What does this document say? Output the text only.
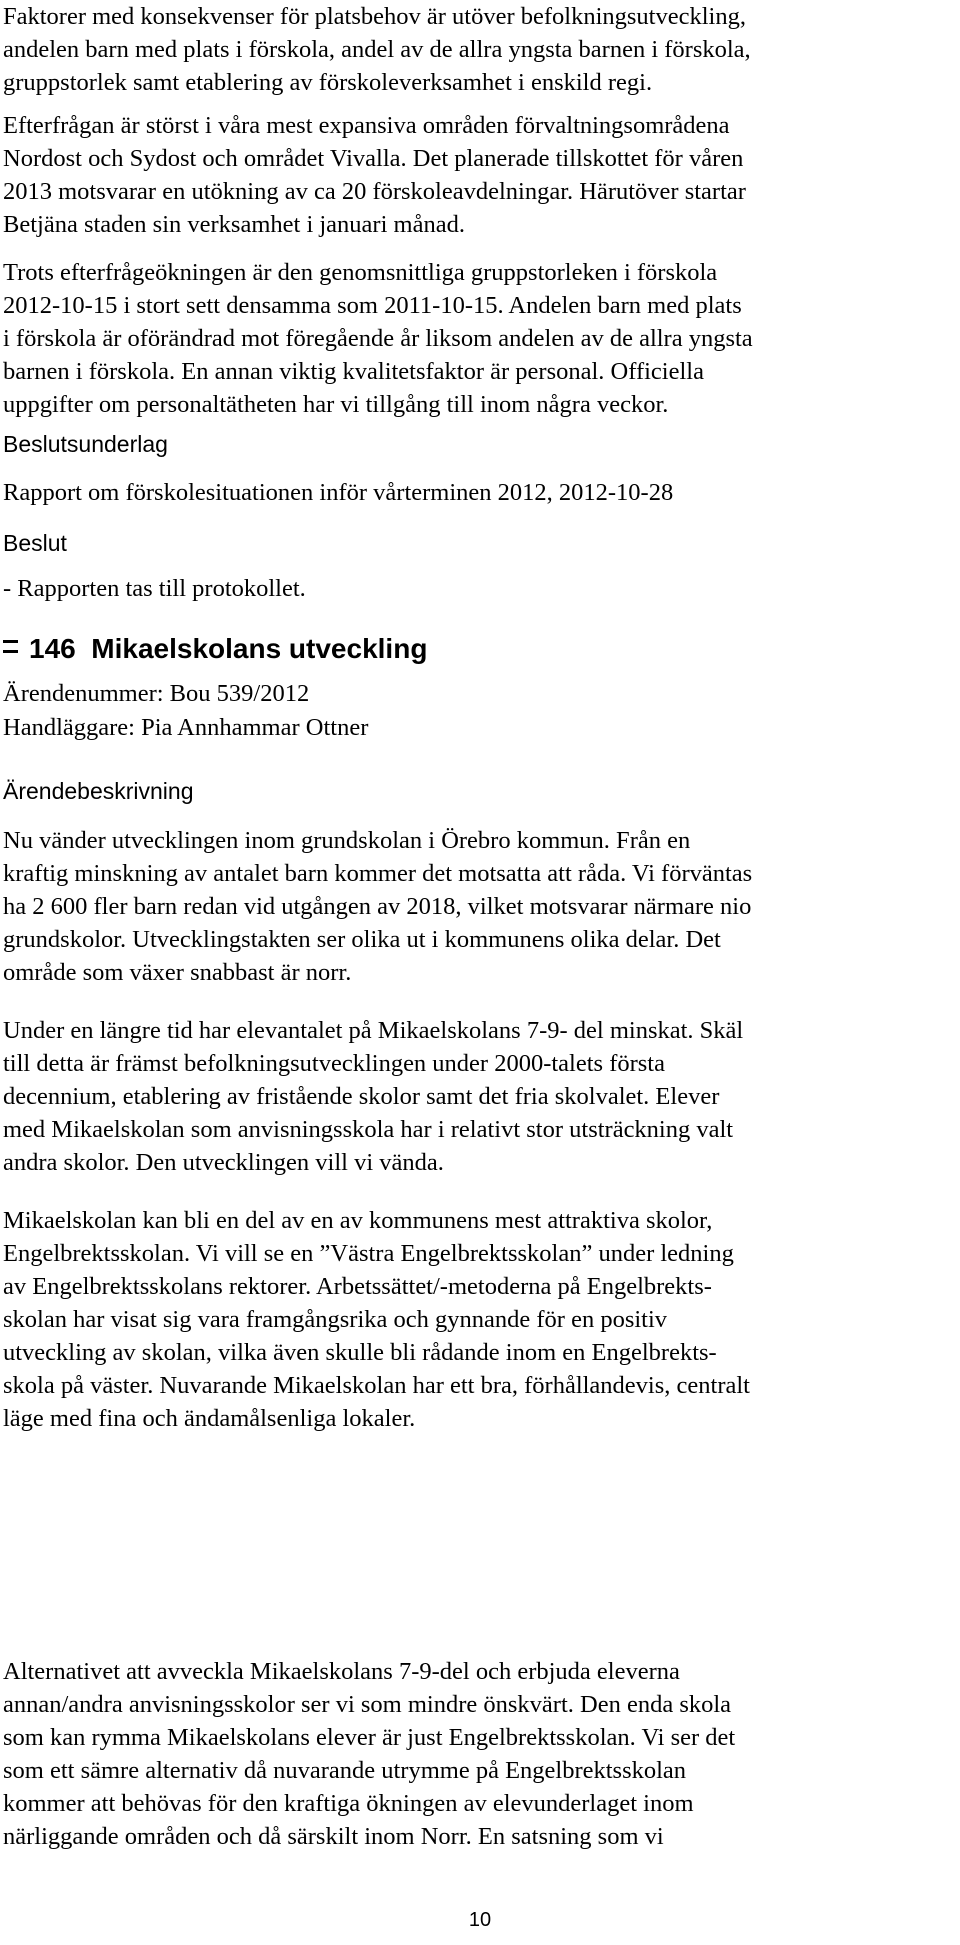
Faktorer med konsekvenser för platsbehov är utöver befolkningsutveckling,
andelen barn med plats i förskola, andel av de allra yngsta barnen i förskola,
gruppstorlek samt etablering av förskoleverksamhet i enskild regi.
Efterfrågan är störst i våra mest expansiva områden förvaltningsområdena
Nordost och Sydost och området Vivalla. Det planerade tillskottet för våren
2013 motsvarar en utökning av ca 20 förskoleavdelningar. Härutöver startar
Betjäna staden sin verksamhet i januari månad.
Trots efterfrågeökningen är den genomsnittliga gruppstorleken i förskola
2012-10-15 i stort sett densamma som 2011-10-15. Andelen barn med plats
i förskola är oförändrad mot föregående år liksom andelen av de allra yngsta
barnen i förskola. En annan viktig kvalitetsfaktor är personal. Officiella
uppgifter om personaltätheten har vi tillgång till inom några veckor.
Beslutsunderlag
Rapport om förskolesituationen inför vårterminen 2012, 2012-10-28
Beslut
- Rapporten tas till protokollet.
146 Mikaelskolans utveckling
Ärendenummer: Bou 539/2012
Handläggare: Pia Annhammar Ottner
Ärendebeskrivning
Nu vänder utvecklingen inom grundskolan i Örebro kommun. Från en
kraftig minskning av antalet barn kommer det motsatta att råda. Vi förväntas
ha 2 600 fler barn redan vid utgången av 2018, vilket motsvarar närmare nio
grundskolor. Utvecklingstakten ser olika ut i kommunens olika delar. Det
område som växer snabbast är norr.
Under en längre tid har elevantalet på Mikaelskolans 7-9- del minskat. Skäl
till detta är främst befolkningsutvecklingen under 2000-talets första
decennium, etablering av fristående skolor samt det fria skolvalet. Elever
med Mikaelskolan som anvisningsskola har i relativt stor utsträckning valt
andra skolor. Den utvecklingen vill vi vända.
Mikaelskolan kan bli en del av en av kommunens mest attraktiva skolor,
Engelbrektsskolan. Vi vill se en ”Västra Engelbrektsskolan” under ledning
av Engelbrektsskolans rektorer. Arbetssättet/-metoderna på Engelbrekts-
skolan har visat sig vara framgångsrika och gynnande för en positiv
utveckling av skolan, vilka även skulle bli rådande inom en Engelbrekts-
skola på väster. Nuvarande Mikaelskolan har ett bra, förhållandevis, centralt
läge med fina och ändamålsenliga lokaler.
Alternativet att avveckla Mikaelskolans 7-9-del och erbjuda eleverna
annan/andra anvisningsskolor ser vi som mindre önskvärt. Den enda skola
som kan rymma Mikaelskolans elever är just Engelbrektsskolan. Vi ser det
som ett sämre alternativ då nuvarande utrymme på Engelbrektsskolan
kommer att behövas för den kraftiga ökningen av elevunderlaget inom
närliggande områden och då särskilt inom Norr. En satsning som vi
10
